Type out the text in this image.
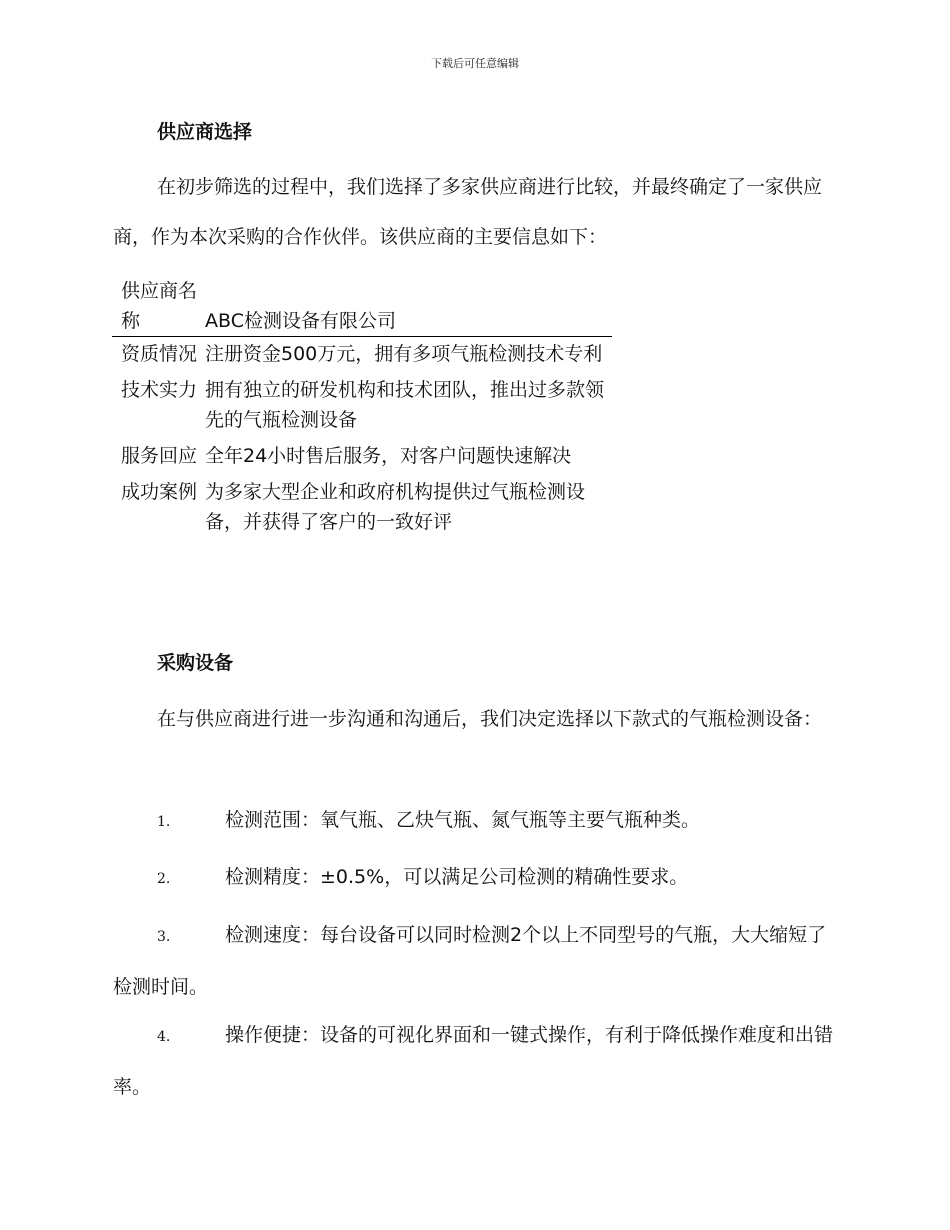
下载后可任意编辑
供应商选择
在初步筛选的过程中，我们选择了多家供应商进行比较，并最终确定了一家供应商，作为本次采购的合作伙伴。该供应商的主要信息如下：
供应商名称	ABC检测设备有限公司
资质情况	注册资金500万元，拥有多项气瓶检测技术专利
技术实力	拥有独立的研发机构和技术团队，推出过多款领先的气瓶检测设备
服务回应	全年24小时售后服务，对客户问题快速解决
成功案例	为多家大型企业和政府机构提供过气瓶检测设备，并获得了客户的一致好评
采购设备
在与供应商进行进一步沟通和沟通后，我们决定选择以下款式的气瓶检测设备：
1.	检测范围：氧气瓶、乙炔气瓶、氮气瓶等主要气瓶种类。
2.	检测精度：±0.5%，可以满足公司检测的精确性要求。
3.	检测速度：每台设备可以同时检测2个以上不同型号的气瓶，大大缩短了检测时间。
4.	操作便捷：设备的可视化界面和一键式操作，有利于降低操作难度和出错率。
